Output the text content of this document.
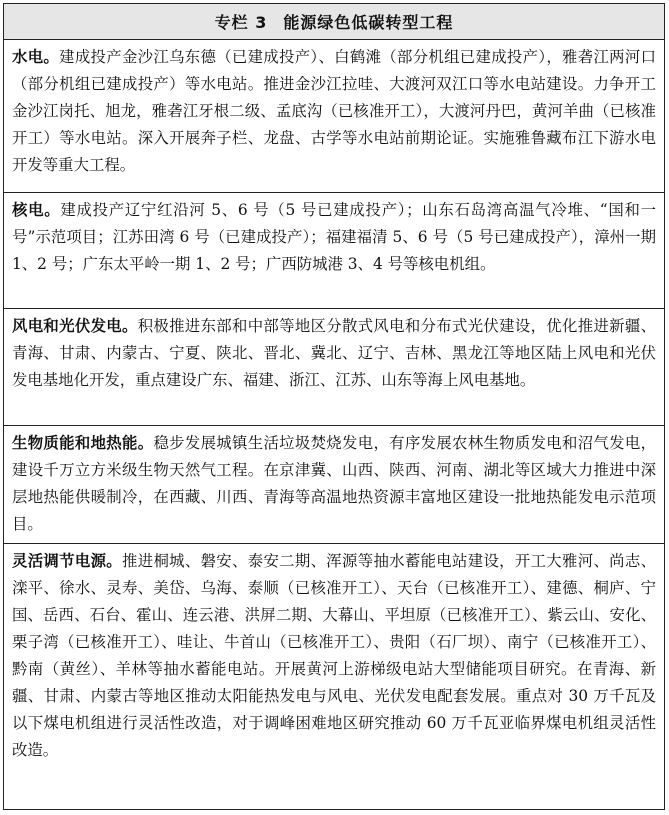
专栏 3 能源绿色低碳转型工程
水电。建成投产金沙江乌东德（已建成投产）、白鹤滩（部分机组已建成投产），雅砻江两河口（部分机组已建成投产）等水电站。推进金沙江拉哇、大渡河双江口等水电站建设。力争开工金沙江岗托、旭龙，雅砻江牙根二级、孟底沟（已核准开工），大渡河丹巴，黄河羊曲（已核准开工）等水电站。深入开展奔子栏、龙盘、古学等水电站前期论证。实施雅鲁藏布江下游水电开发等重大工程。
核电。建成投产辽宁红沿河 5、6 号（5 号已建成投产）；山东石岛湾高温气冷堆、“国和一号”示范项目；江苏田湾 6 号（已建成投产）；福建福清 5、6 号（5 号已建成投产），漳州一期 1、2 号；广东太平岭一期 1、2 号；广西防城港 3、4 号等核电机组。
风电和光伏发电。积极推进东部和中部等地区分散式风电和分布式光伏建设，优化推进新疆、青海、甘肃、内蒙古、宁夏、陕北、晋北、冀北、辽宁、吉林、黑龙江等地区陆上风电和光伏发电基地化开发，重点建设广东、福建、浙江、江苏、山东等海上风电基地。
生物质能和地热能。稳步发展城镇生活垃圾焚烧发电，有序发展农林生物质发电和沼气发电，建设千万立方米级生物天然气工程。在京津冀、山西、陕西、河南、湖北等区域大力推进中深层地热能供暖制冷，在西藏、川西、青海等高温地热资源丰富地区建设一批地热能发电示范项目。
灵活调节电源。推进桐城、磐安、泰安二期、浑源等抽水蓄能电站建设，开工大雅河、尚志、滦平、徐水、灵寿、美岱、乌海、泰顺（已核准开工）、天台（已核准开工）、建德、桐庐、宁国、岳西、石台、霍山、连云港、洪屏二期、大幕山、平坦原（已核准开工）、紫云山、安化、栗子湾（已核准开工）、哇让、牛首山（已核准开工）、贵阳（石厂坝）、南宁（已核准开工）、黔南（黄丝）、羊林等抽水蓄能电站。开展黄河上游梯级电站大型储能项目研究。在青海、新疆、甘肃、内蒙古等地区推动太阳能热发电与风电、光伏发电配套发展。重点对 30 万千瓦及以下煤电机组进行灵活性改造，对于调峰困难地区研究推动 60 万千瓦亚临界煤电机组灵活性改造。
